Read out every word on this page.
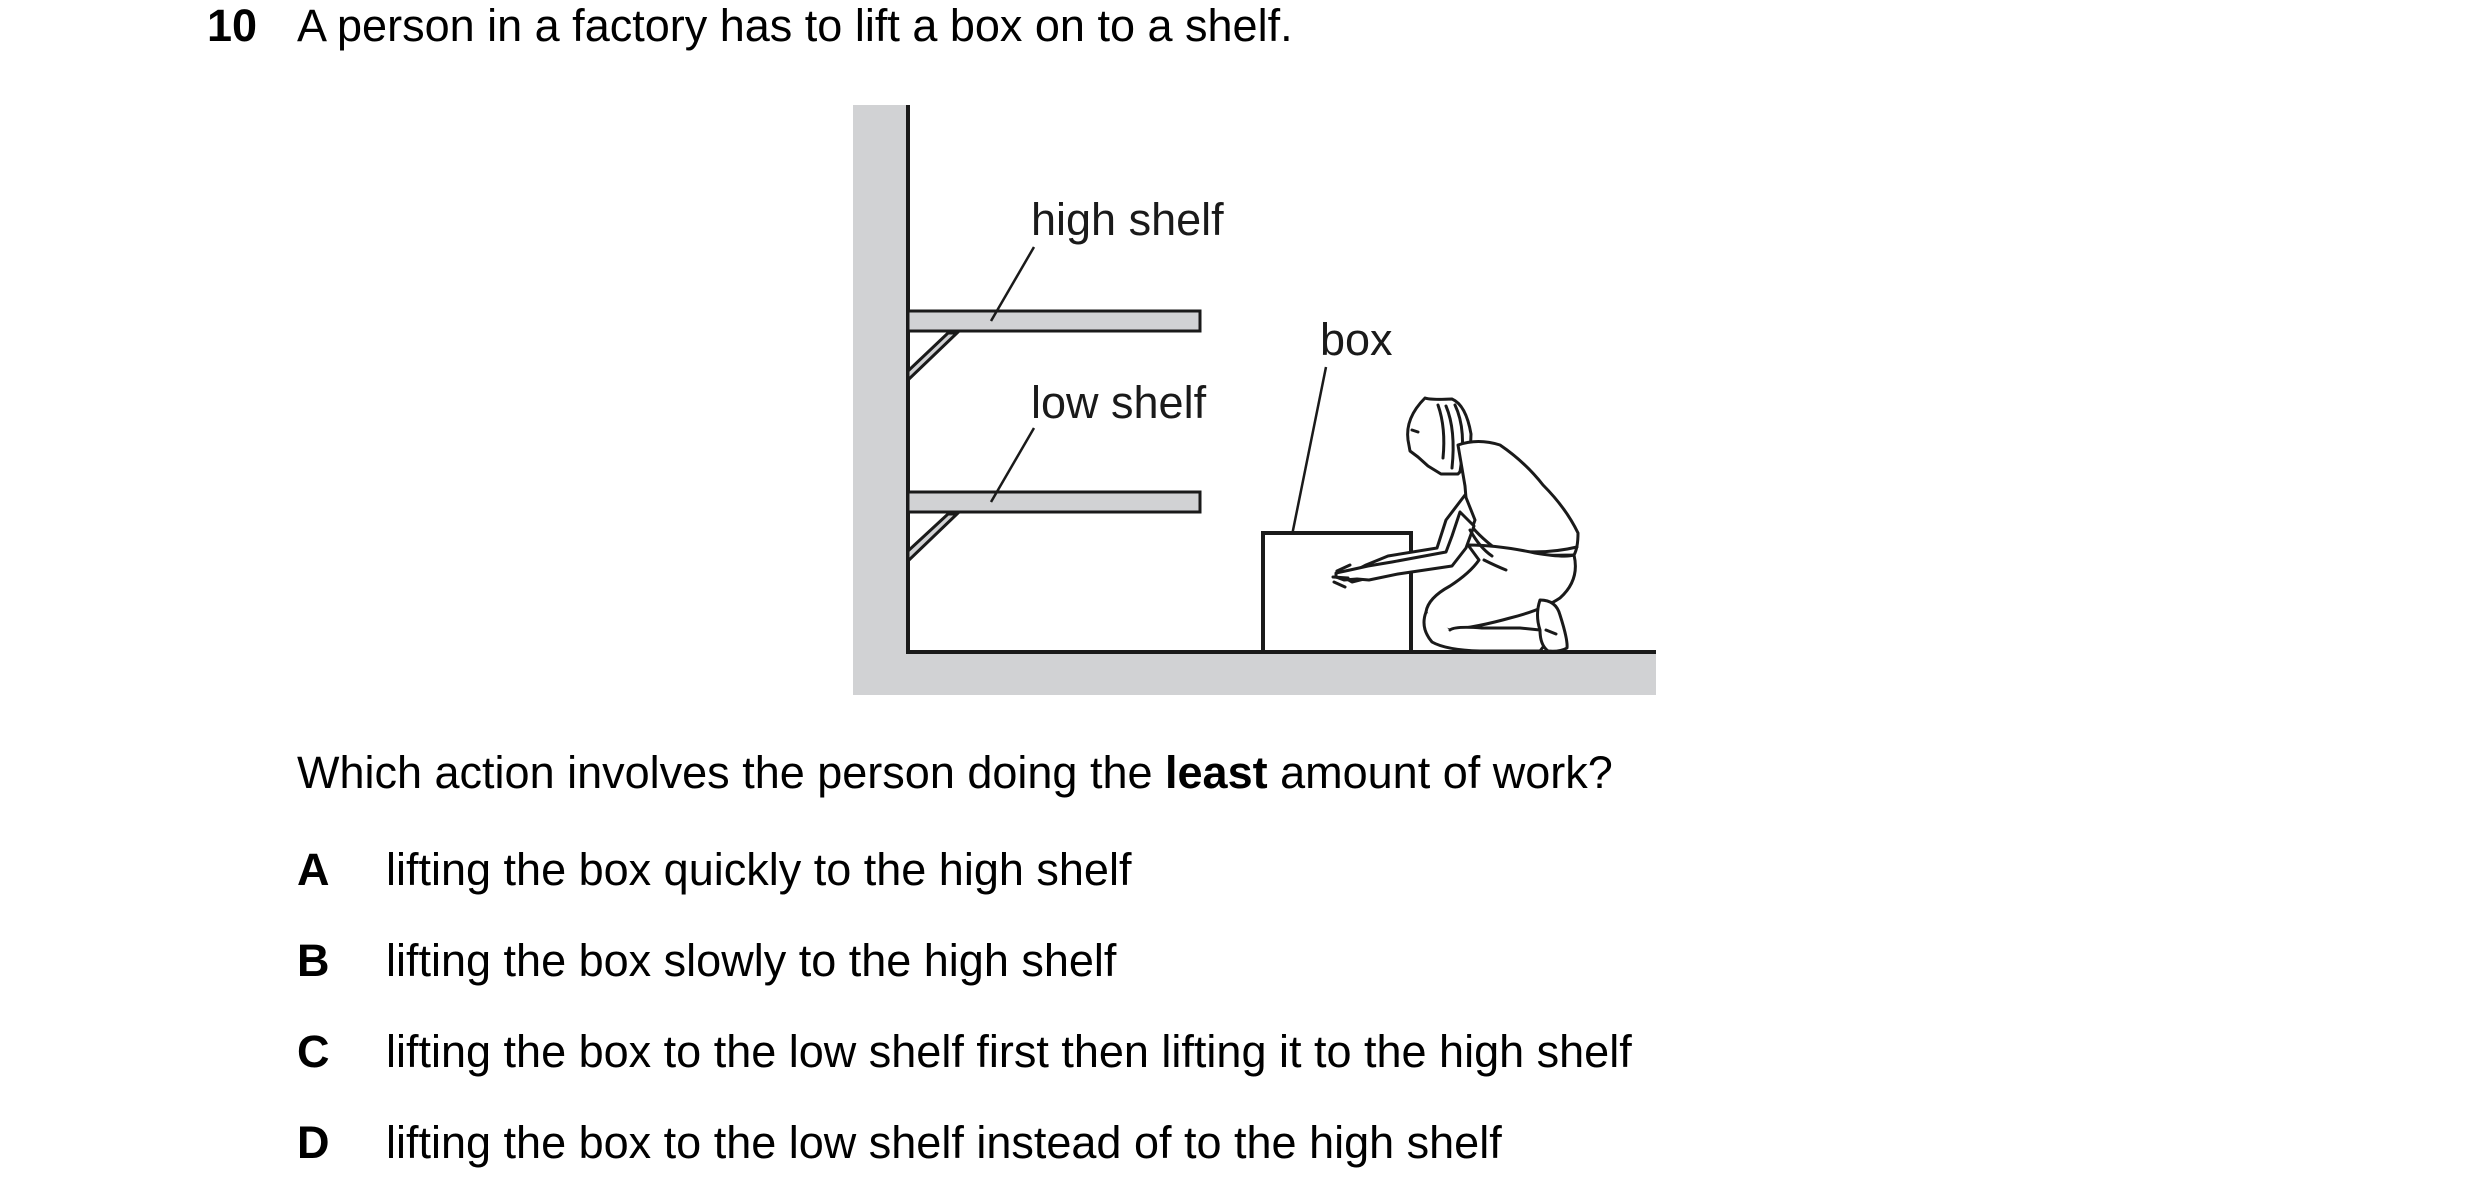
10 A person in a factory has to lift a box on to a shelf.
high shelf
low shelf
box
Which action involves the person doing the least amount of work?
A lifting the box quickly to the high shelf
B lifting the box slowly to the high shelf
C lifting the box to the low shelf first then lifting it to the high shelf
D lifting the box to the low shelf instead of to the high shelf
